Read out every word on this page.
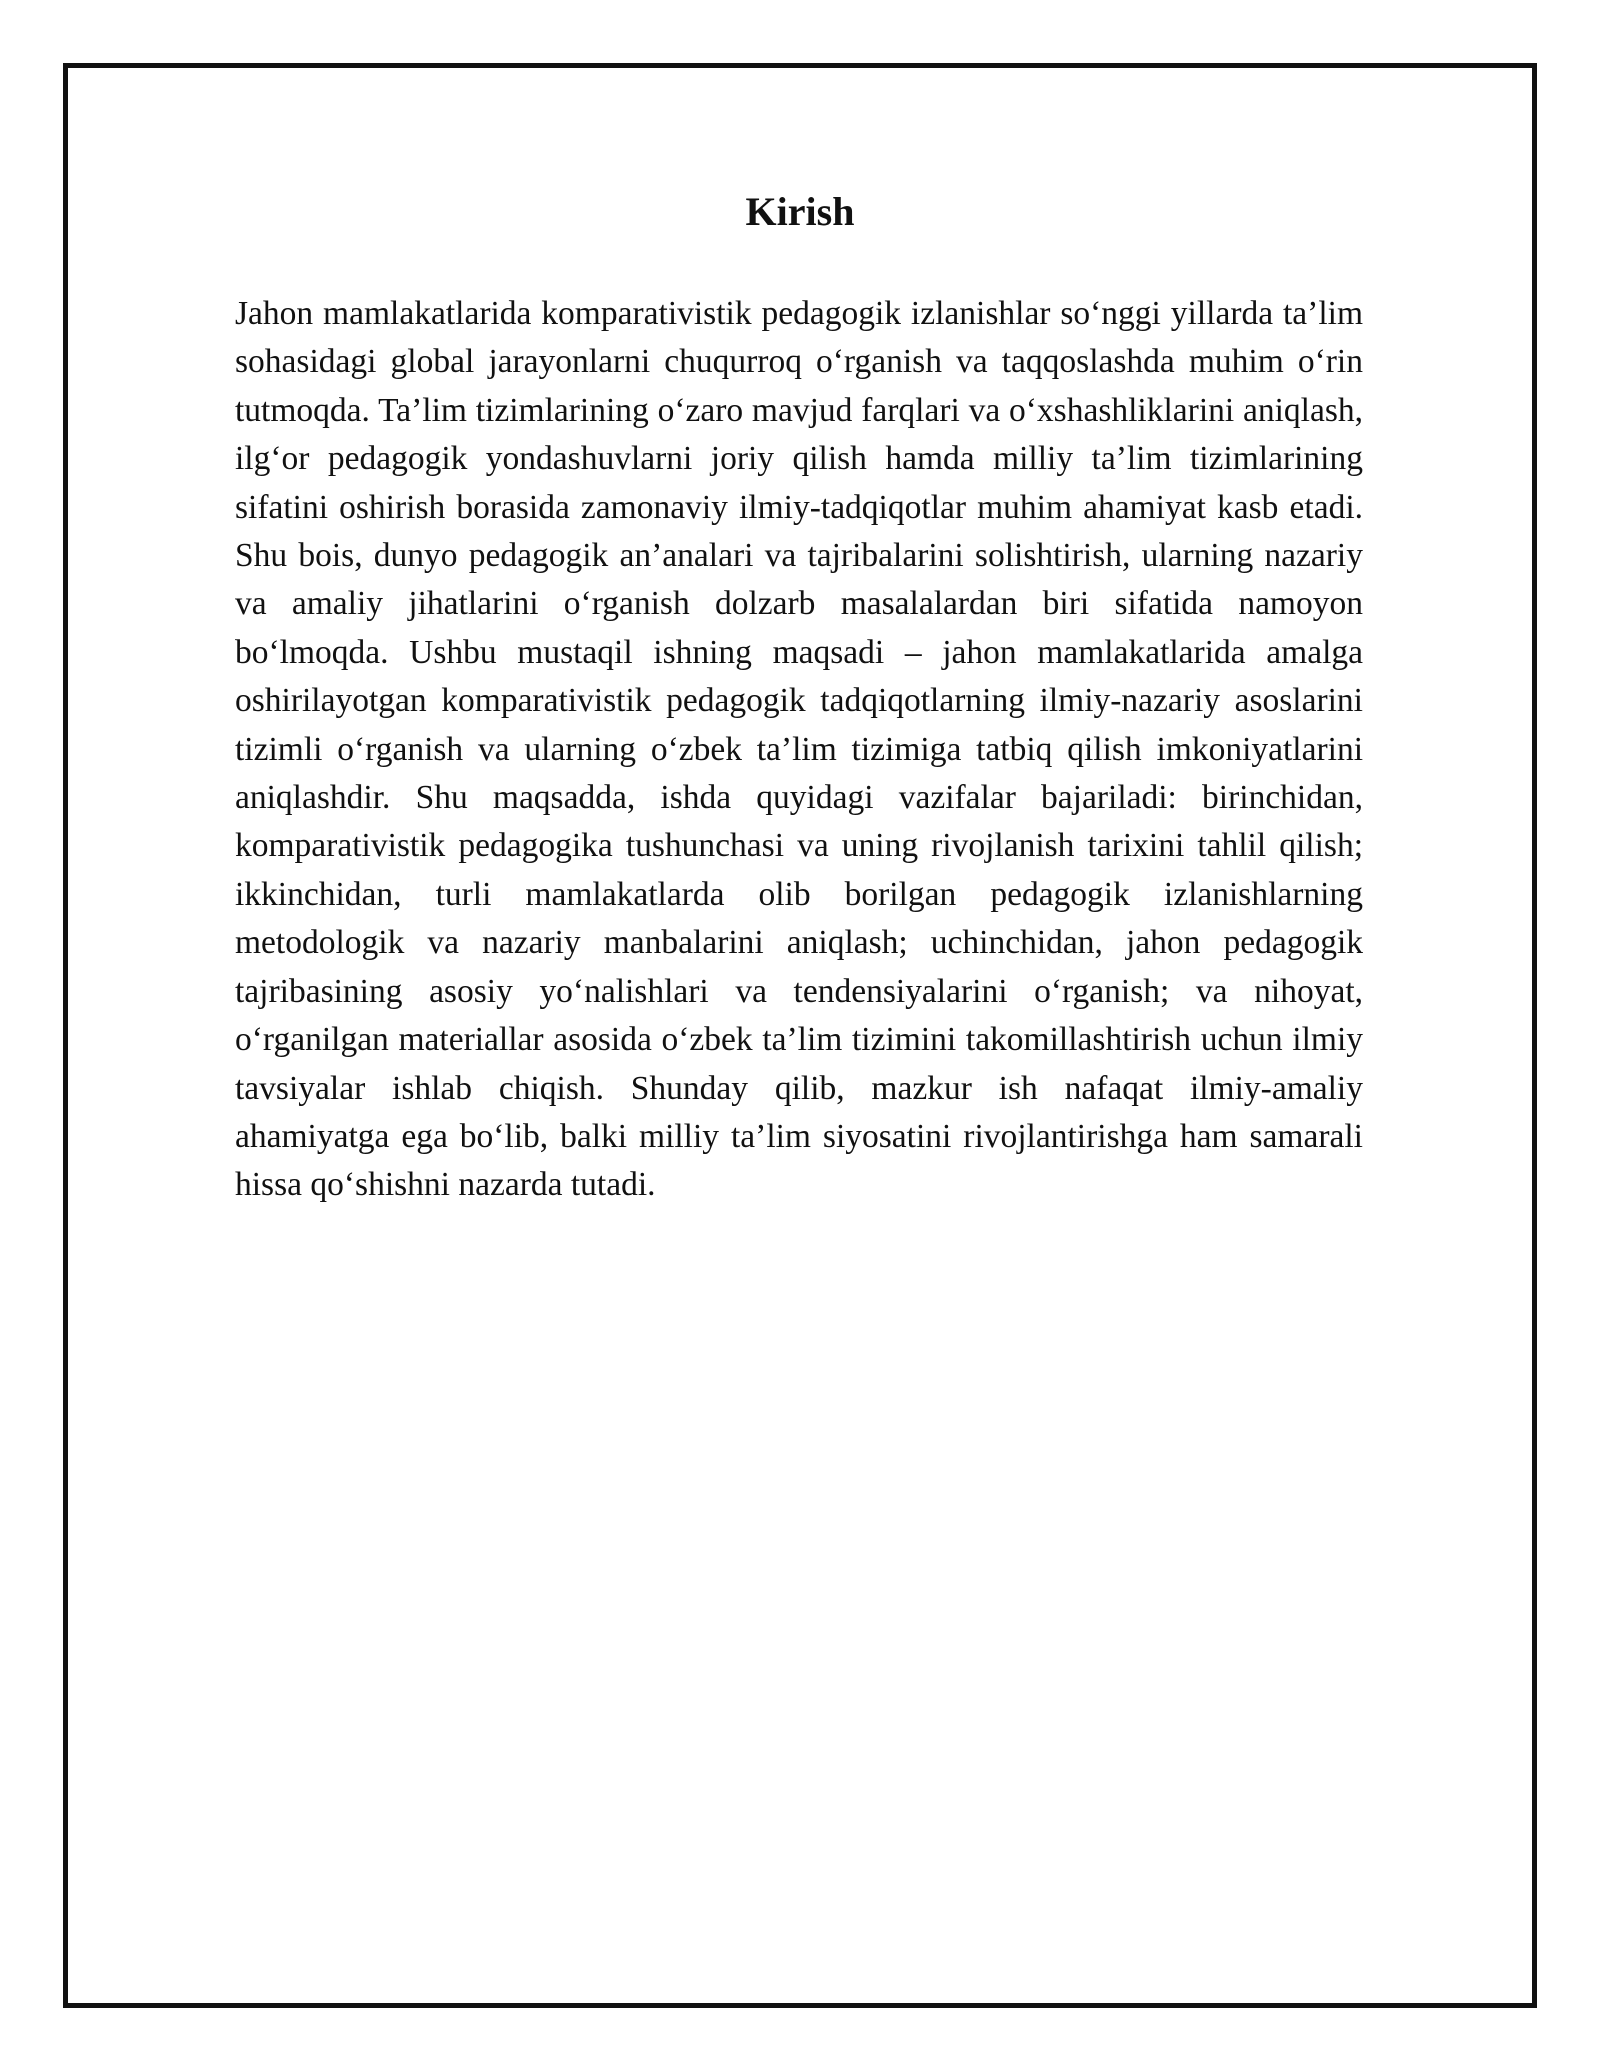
Kirish

Jahon mamlakatlarida komparativistik pedagogik izlanishlar so‘nggi yillarda ta’lim sohasidagi global jarayonlarni chuqurroq o‘rganish va taqqoslashda muhim o‘rin tutmoqda. Ta’lim tizimlarining o‘zaro mavjud farqlari va o‘xshashliklarini aniqlash, ilg‘or pedagogik yondashuvlarni joriy qilish hamda milliy ta’lim tizimlarining sifatini oshirish borasida zamonaviy ilmiy-tadqiqotlar muhim ahamiyat kasb etadi. Shu bois, dunyo pedagogik an’analari va tajribalarini solishtirish, ularning nazariy va amaliy jihatlarini o‘rganish dolzarb masalalardan biri sifatida namoyon bo‘lmoqda. Ushbu mustaqil ishning maqsadi – jahon mamlakatlarida amalga oshirilayotgan komparativistik pedagogik tadqiqotlarning ilmiy-nazariy asoslarini tizimli o‘rganish va ularning o‘zbek ta’lim tizimiga tatbiq qilish imkoniyatlarini aniqlashdir. Shu maqsadda, ishda quyidagi vazifalar bajariladi: birinchidan, komparativistik pedagogika tushunchasi va uning rivojlanish tarixini tahlil qilish; ikkinchidan, turli mamlakatlarda olib borilgan pedagogik izlanishlarning metodologik va nazariy manbalarini aniqlash; uchinchidan, jahon pedagogik tajribasining asosiy yo‘nalishlari va tendensiyalarini o‘rganish; va nihoyat, o‘rganilgan materiallar asosida o‘zbek ta’lim tizimini takomillashtirish uchun ilmiy tavsiyalar ishlab chiqish. Shunday qilib, mazkur ish nafaqat ilmiy-amaliy ahamiyatga ega bo‘lib, balki milliy ta’lim siyosatini rivojlantirishga ham samarali hissa qo‘shishni nazarda tutadi.
